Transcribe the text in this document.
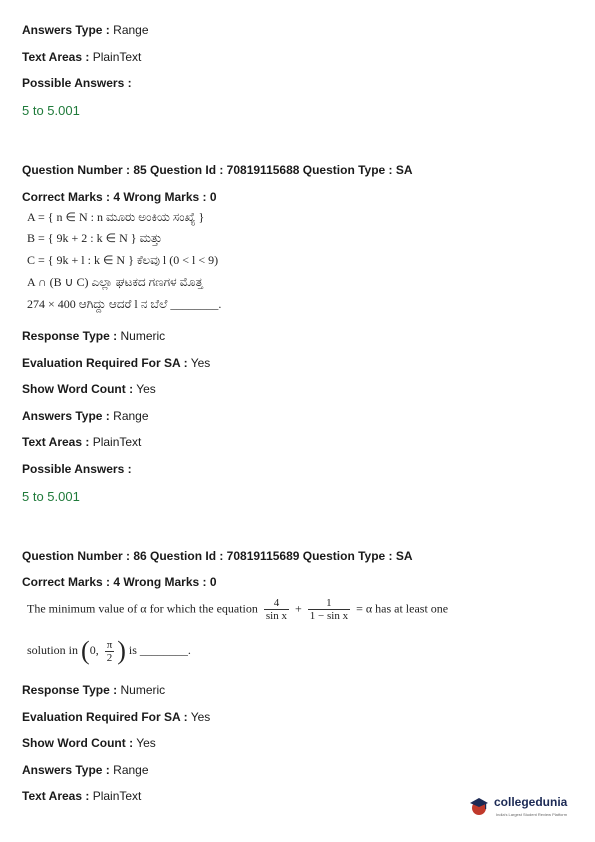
Answers Type : Range
Text Areas : PlainText
Possible Answers :
5 to 5.001
Question Number : 85 Question Id : 70819115688 Question Type : SA
Correct Marks : 4 Wrong Marks : 0
A = { n ∈ N : n ಮೂರು ಅಂಕಿಯ ಸಂಖ್ಯೆ }
B = { 9k + 2 : k ∈ N } ಮತ್ತು
C = { 9k + l : k ∈ N } ಕೆಲವು l (0 < l < 9)
A ∩ (B ∪ C) ಎಲ್ಲಾ ಘಟಕದ ಗಣಗಳ ಮೊತ್ತ
274 × 400 ಆಗಿದ್ದು ಆದರೆ l ನ ಬೆಲೆ ________.
Response Type : Numeric
Evaluation Required For SA : Yes
Show Word Count : Yes
Answers Type : Range
Text Areas : PlainText
Possible Answers :
5 to 5.001
Question Number : 86 Question Id : 70819115689 Question Type : SA
Correct Marks : 4 Wrong Marks : 0
The minimum value of α for which the equation $\frac{4}{\text{sin x}} + \frac{1}{\text{1 − sin x}} = \alpha$ has at least one
solution in (0, $\frac{\pi}{2}$ ) is ________.
Response Type : Numeric
Evaluation Required For SA : Yes
Show Word Count : Yes
Answers Type : Range
Text Areas : PlainText	collegedunia
India's Largest Student Review Platform
